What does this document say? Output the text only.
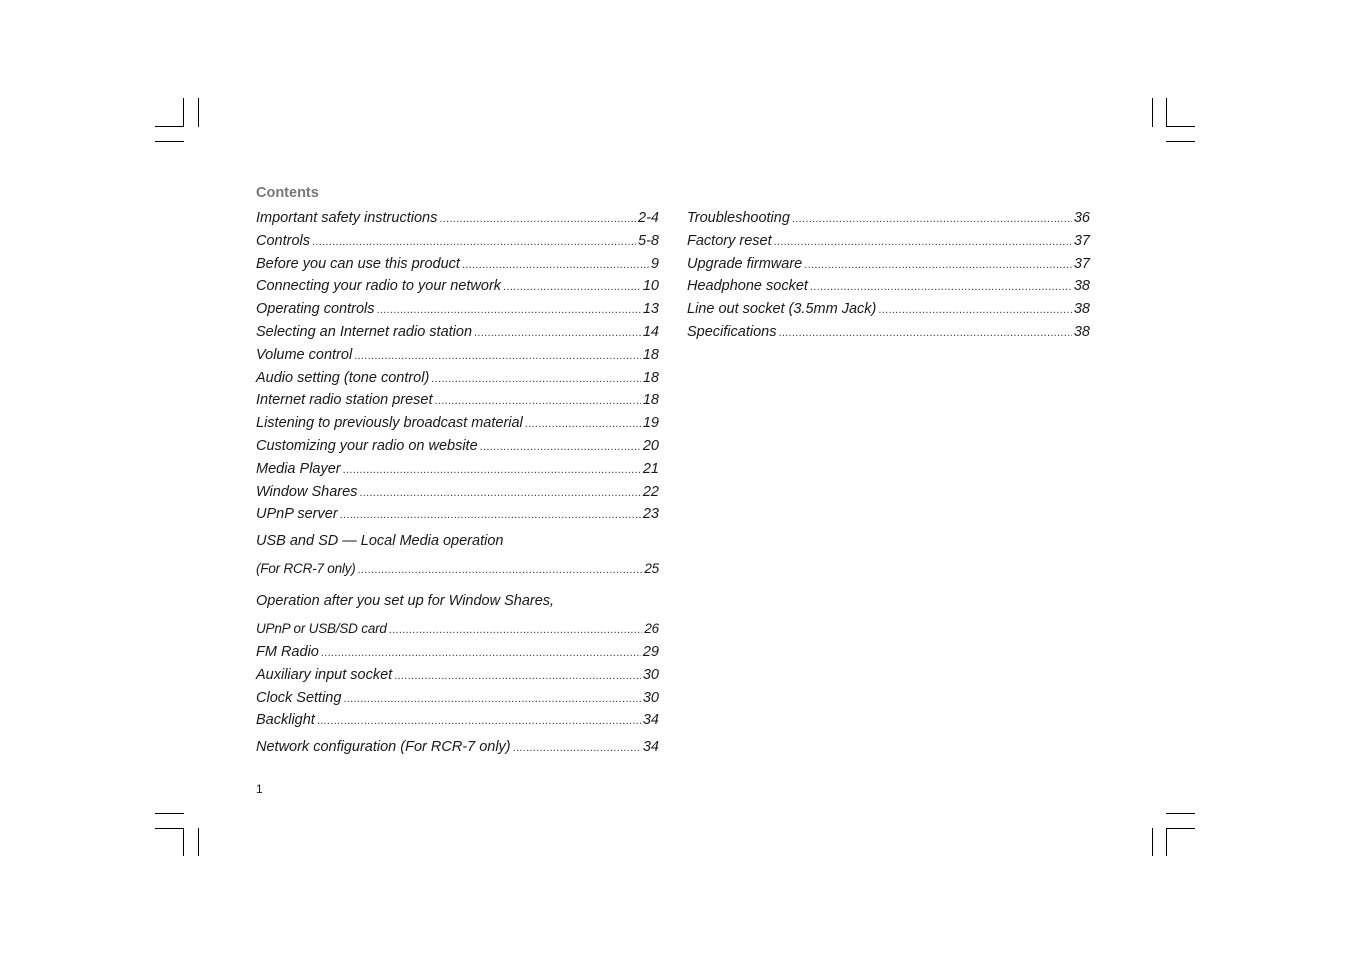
Contents
Important safety instructions .....	2-4
Controls .....	5-8
Before you can use this product .....	9
Connecting your radio to your network .....	10
Operating controls .....	13
Selecting an Internet radio station .....	14
Volume control .....	18
Audio setting (tone control) .....	18
Internet radio station preset .....	18
Listening to previously broadcast material .....	19
Customizing your radio on website .....	20
Media Player .....	21
Window Shares .....	22
UPnP server .....	23
USB and SD — Local Media operation
(For RCR-7 only) .....	25
Operation after you set up for Window Shares,
UPnP or USB/SD card .....	26
FM Radio .....	29
Auxiliary input socket .....	30
Clock Setting .....	30
Backlight .....	34
Network configuration (For RCR-7 only) .....	34
Troubleshooting .....	36
Factory reset .....	37
Upgrade firmware .....	37
Headphone socket .....	38
Line out socket (3.5mm Jack) .....	38
Specifications .....	38
1
